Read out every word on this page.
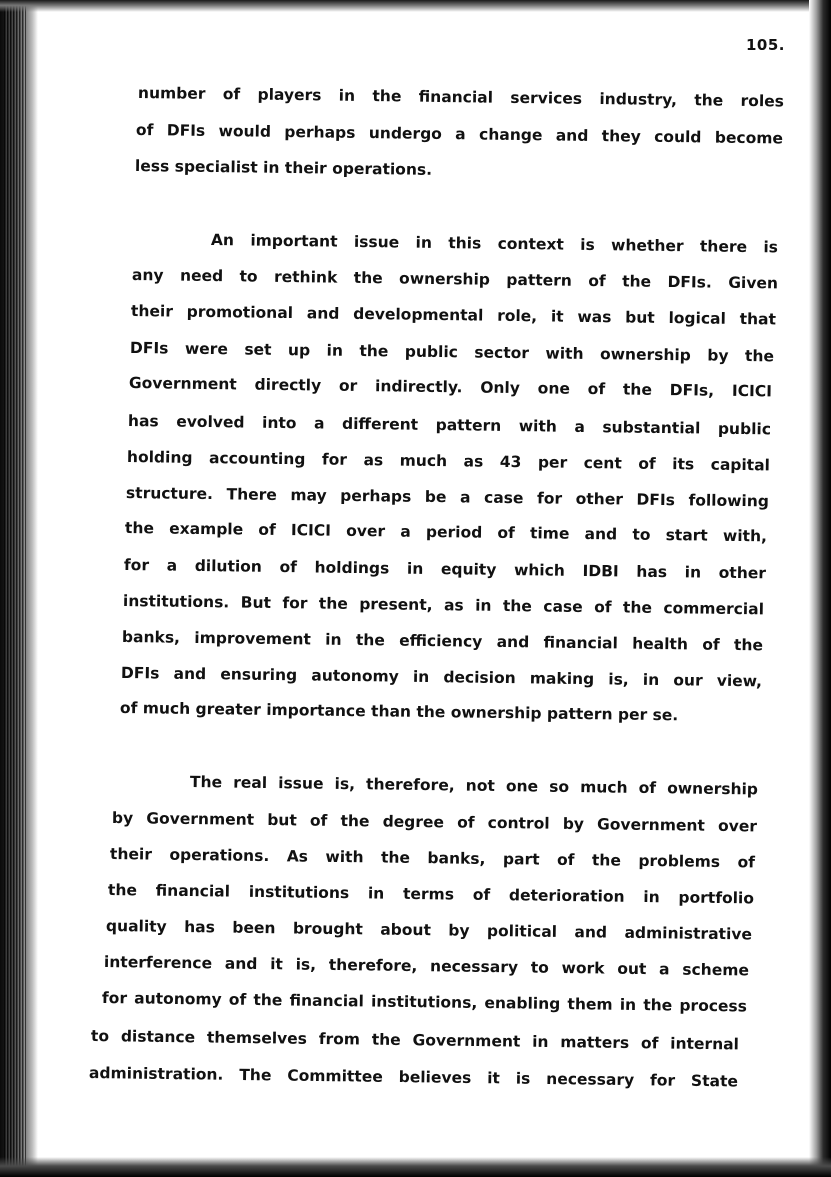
105.
number of players in the financial services industry, the roles
of DFIs would perhaps undergo a change and they could become
less specialist in their operations.
An important issue in this context is whether there is
any need to rethink the ownership pattern of the DFIs. Given
their promotional and developmental role, it was but logical that
DFIs were set up in the public sector with ownership by the
Government directly or indirectly. Only one of the DFIs, ICICI
has evolved into a different pattern with a substantial public
holding accounting for as much as 43 per cent of its capital
structure. There may perhaps be a case for other DFIs following
the example of ICICI over a period of time and to start with,
for a dilution of holdings in equity which IDBI has in other
institutions. But for the present, as in the case of the commercial
banks, improvement in the efficiency and financial health of the
DFIs and ensuring autonomy in decision making is, in our view,
of much greater importance than the ownership pattern per se.
The real issue is, therefore, not one so much of ownership
by Government but of the degree of control by Government over
their operations. As with the banks, part of the problems of
the financial institutions in terms of deterioration in portfolio
quality has been brought about by political and administrative
interference and it is, therefore, necessary to work out a scheme
for autonomy of the financial institutions, enabling them in the process
to distance themselves from the Government in matters of internal
administration. The Committee believes it is necessary for State
